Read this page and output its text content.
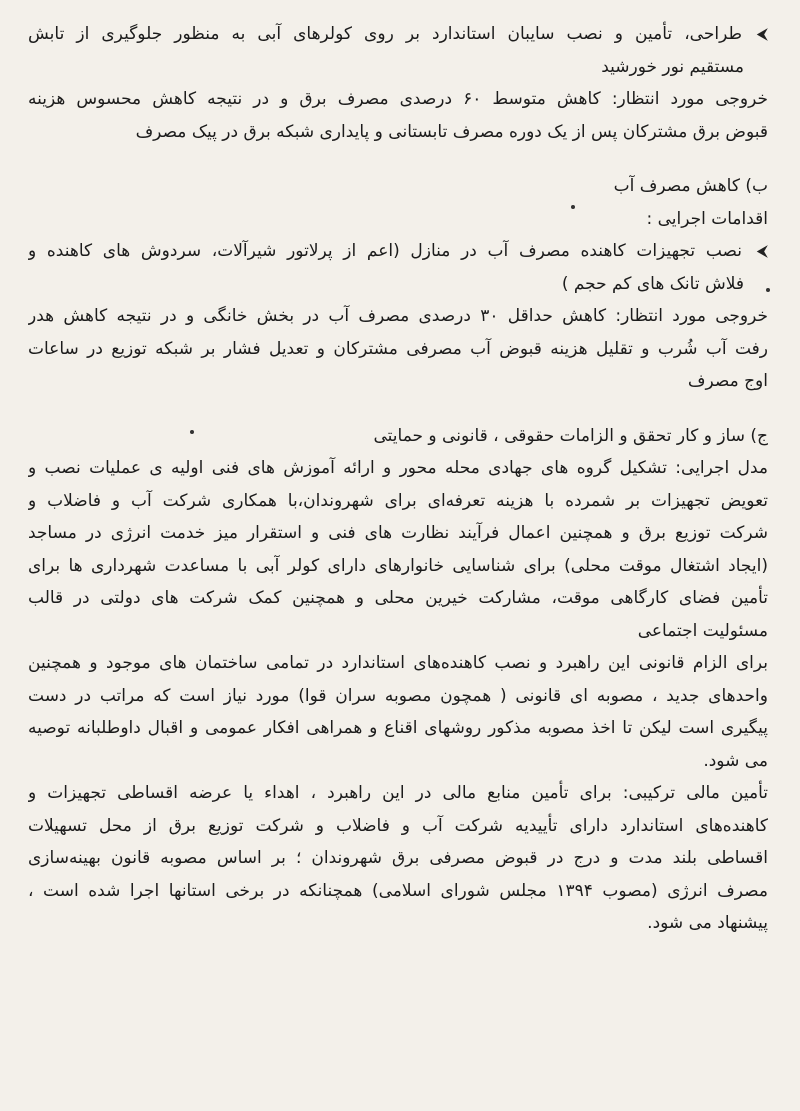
⮜طراحی، تأمین و نصب سایبان استاندارد بر روی کولرهای آبی به منظور جلوگیری از تابش
مستقیم نور خورشید
خروجی مورد انتظار: کاهش متوسط ۶۰ درصدی مصرف برق و در نتیجه کاهش محسوس هزینه
قبوض برق مشترکان پس از یک دوره مصرف تابستانی و پایداری شبکه برق در پیک مصرف
ب) کاهش مصرف آب
اقدامات اجرایی :
⮜نصب تجهیزات کاهنده مصرف آب در منازل (اعم از پرلاتور شیرآلات، سردوش های کاهنده و
فلاش تانک های کم حجم )
خروجی مورد انتظار: کاهش حداقل ۳۰ درصدی مصرف آب در بخش خانگی و در نتیجه کاهش هدر
رفت آب شُرب و تقلیل هزینه قبوض آب مصرفی مشترکان و تعدیل فشار بر شبکه توزیع در ساعات
اوج مصرف
ج) ساز و کار تحقق و الزامات حقوقی ، قانونی و حمایتی
مدل اجرایی: تشکیل گروه های جهادی محله محور و ارائه آموزش های فنی اولیه ی عملیات نصب و
تعویض تجهیزات بر شمرده با هزینه تعرفه‌ای برای شهروندان،با همکاری شرکت آب و فاضلاب و
شرکت توزیع برق و همچنین اعمال فرآیند نظارت های فنی و استقرار میز خدمت انرژی در مساجد
(ایجاد اشتغال موقت محلی) برای شناسایی خانوارهای دارای کولر آبی با مساعدت شهرداری ها برای
تأمین فضای کارگاهی موقت، مشارکت خیرین محلی و همچنین کمک شرکت های دولتی در قالب
مسئولیت اجتماعی
برای الزام قانونی این راهبرد و نصب کاهنده‌های استاندارد در تمامی ساختمان های موجود و همچنین
واحدهای جدید ، مصوبه ای قانونی ( همچون مصوبه سران قوا) مورد نیاز است که مراتب در دست
پیگیری است لیکن تا اخذ مصوبه مذکور روشهای اقناع و همراهی افکار عمومی و اقبال داوطلبانه توصیه
می شود.
تأمین مالی ترکیبی: برای تأمین منابع مالی در این راهبرد ، اهداء یا عرضه اقساطی تجهیزات و
کاهنده‌های استاندارد دارای تأییدیه شرکت آب و فاضلاب و شرکت توزیع برق از محل تسهیلات
اقساطی بلند مدت و درج در قبوض مصرفی برق شهروندان ؛ بر اساس مصوبه قانون بهینه‌سازی
مصرف انرژی (مصوب ۱۳۹۴ مجلس شورای اسلامی) همچنانکه در برخی استانها اجرا شده است ،
پیشنهاد می شود.
